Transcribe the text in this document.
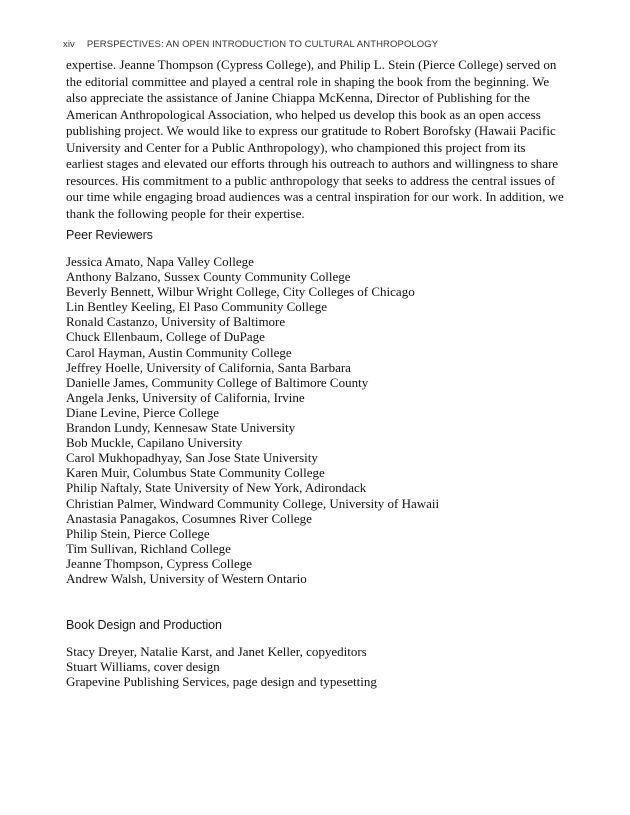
xiv PERSPECTIVES: AN OPEN INTRODUCTION TO CULTURAL ANTHROPOLOGY

expertise. Jeanne Thompson (Cypress College), and Philip L. Stein (Pierce College) served on the editorial committee and played a central role in shaping the book from the beginning. We also appreciate the assistance of Janine Chiappa McKenna, Director of Publishing for the American Anthropological Association, who helped us develop this book as an open access publishing project. We would like to express our gratitude to Robert Borofsky (Hawaii Pacific University and Center for a Public Anthropology), who championed this project from its earliest stages and elevated our efforts through his outreach to authors and willingness to share resources. His commitment to a public anthropology that seeks to address the central issues of our time while engaging broad audiences was a central inspiration for our work. In addition, we thank the following people for their expertise.

Peer Reviewers
Jessica Amato, Napa Valley College
Anthony Balzano, Sussex County Community College
Beverly Bennett, Wilbur Wright College, City Colleges of Chicago
Lin Bentley Keeling, El Paso Community College
Ronald Castanzo, University of Baltimore
Chuck Ellenbaum, College of DuPage
Carol Hayman, Austin Community College
Jeffrey Hoelle, University of California, Santa Barbara
Danielle James, Community College of Baltimore County
Angela Jenks, University of California, Irvine
Diane Levine, Pierce College
Brandon Lundy, Kennesaw State University
Bob Muckle, Capilano University
Carol Mukhopadhyay, San Jose State University
Karen Muir, Columbus State Community College
Philip Naftaly, State University of New York, Adirondack
Christian Palmer, Windward Community College, University of Hawaii
Anastasia Panagakos, Cosumnes River College
Philip Stein, Pierce College
Tim Sullivan, Richland College
Jeanne Thompson, Cypress College
Andrew Walsh, University of Western Ontario
Book Design and Production
Stacy Dreyer, Natalie Karst, and Janet Keller, copyeditors
Stuart Williams, cover design
Grapevine Publishing Services, page design and typesetting
